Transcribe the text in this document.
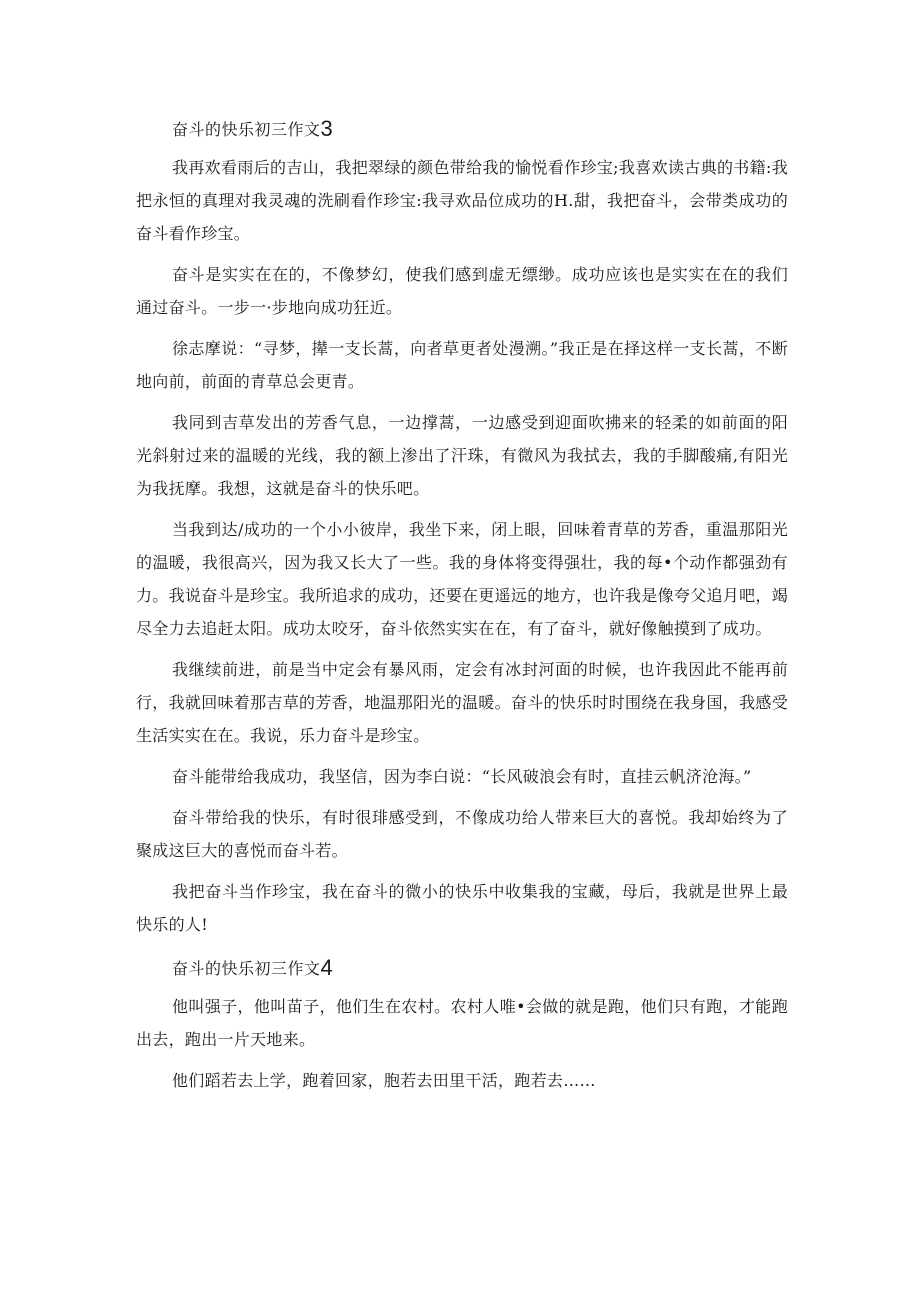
奋斗的快乐初三作文3

我再欢看雨后的吉山，我把翠绿的颜色带给我的愉悦看作珍宝;我喜欢读古典的书籍:我把永恒的真理对我灵魂的洗刷看作珍宝:我寻欢品位成功的H.甜，我把奋斗，会带类成功的奋斗看作珍宝。

奋斗是实实在在的，不像梦幻，使我们感到虚无缥缈。成功应该也是实实在在的我们通过奋斗。一步一·步地向成功狂近。

徐志摩说：“寻梦，撵一支长蒿，向者草更者处漫溯。”我正是在择这样一支长蒿，不断地向前，前面的青草总会更青。

我同到吉草发出的芳香气息，一边撑蒿，一边感受到迎面吹拂来的轻柔的如前面的阳光斜射过来的温暖的光线，我的额上渗出了汗珠，有微风为我拭去，我的手脚酸痛,有阳光为我抚摩。我想，这就是奋斗的快乐吧。

当我到达/成功的一个小小彼岸，我坐下来，闭上眼，回味着青草的芳香，重温那阳光的温暖，我很高兴，因为我又长大了一些。我的身体将变得强壮，我的每•个动作都强劲有力。我说奋斗是珍宝。我所追求的成功，还要在更遥远的地方，也许我是像夸父追月吧，竭尽全力去追赶太阳。成功太咬牙，奋斗依然实实在在，有了奋斗，就好像触摸到了成功。

我继续前进，前是当中定会有暴风雨，定会有冰封河面的时候，也许我因此不能再前行，我就回味着那吉草的芳香，地温那阳光的温暖。奋斗的快乐时时围绕在我身国，我感受生活实实在在。我说，乐力奋斗是珍宝。

奋斗能带给我成功，我坚信，因为李白说：“长风破浪会有时，直挂云帆济沧海。”

奋斗带给我的快乐，有时很琲感受到，不像成功给人带来巨大的喜悦。我却始终为了聚成这巨大的喜悦而奋斗若。

我把奋斗当作珍宝，我在奋斗的微小的快乐中收集我的宝藏，母后，我就是世界上最快乐的人!

奋斗的快乐初三作文4

他叫强子，他叫苗子，他们生在农村。农村人唯•会做的就是跑，他们只有跑，才能跑出去，跑出一片天地来。

他们蹈若去上学，跑着回家，胞若去田里干活，跑若去……
